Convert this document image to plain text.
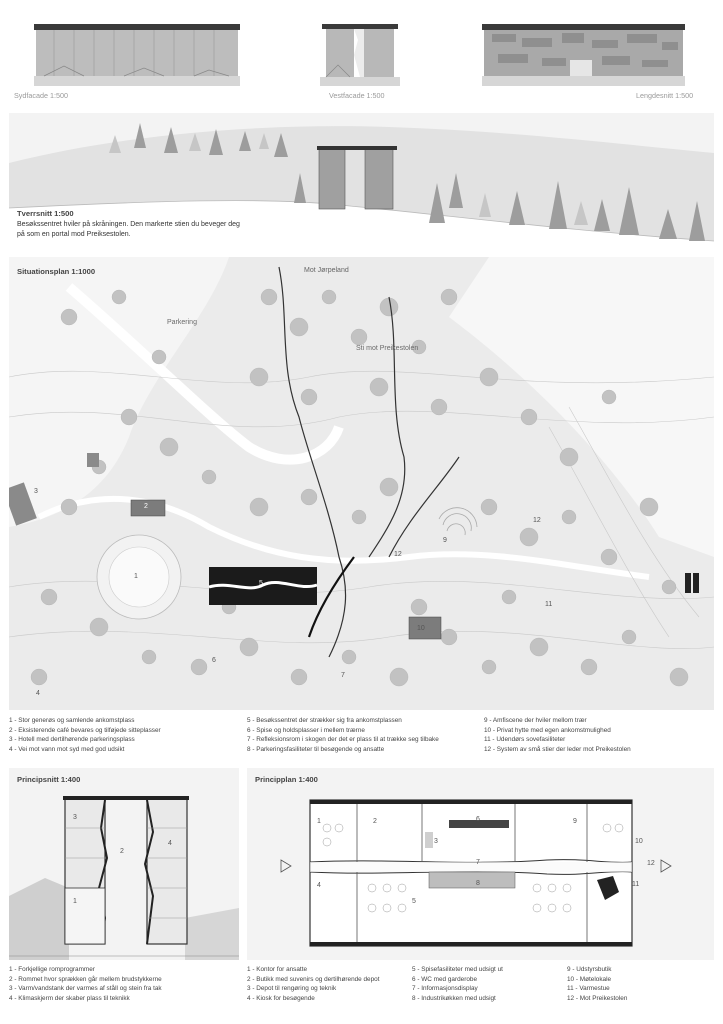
Sydfacade 1:500	Vestfacade 1:500	Lengdesnitt 1:500
Tverrsnitt 1:500
Besøkssentret hviler på skråningen. Den markerte stien du beveger deg på som en portal mod Preiksestolen.
Situationsplan 1:1000	Mot Jørpeland
Parkering
Sti mot Preikestolen
1
2
3
4
5
6
7
9
10
11
12
12
1 - Stor generøs og samlende ankomstplass
2 - Eksisterende café bevares og tilføjede sitteplasser
3 - Hotell med dertilhørende parkeringsplass
4 - Vei mot vann mot syd med god udsikt
5 - Besøkssentret der strækker sig fra ankomstplassen
6 - Spise og holdsplasser i mellem trærne
7 - Refleksionsrom i skogen der det er plass til at trække seg tilbake
8 - Parkeringsfasiliteter til besøgende og ansatte
9 - Amfiscene der hviler mellom trær
10 - Privat hytte med egen ankomstmulighed
11 - Udendørs sovefasiliteter
12 - System av små stier der leder mot Preikestolen
Principsnitt 1:400
1
2
3
4
Principplan 1:400
1	2
3
4
5
6
7
8
9
10
11
12
1 - Forkjellige romprogrammer
2 - Rommet hvor sprækken går mellem brudstykkerne
3 - Varm/vandstank der varmes af ståll og stein fra tak
4 - Klimaskjerm der skaber plass til teknikk
1 - Kontor for ansatte
2 - Butikk med suvenirs og dertilhørende depot
3 - Depot til rengøring og teknik
4 - Kiosk for besøgende
5 - Spisefasiliteter med udsigt ut
6 - WC med garderobe
7 - Informasjonsdisplay
8 - Industrikøkken med udsigt
9 - Udstyrsbutik
10 - Møtelokale
11 - Varmestue
12 - Mot Preikestolen
